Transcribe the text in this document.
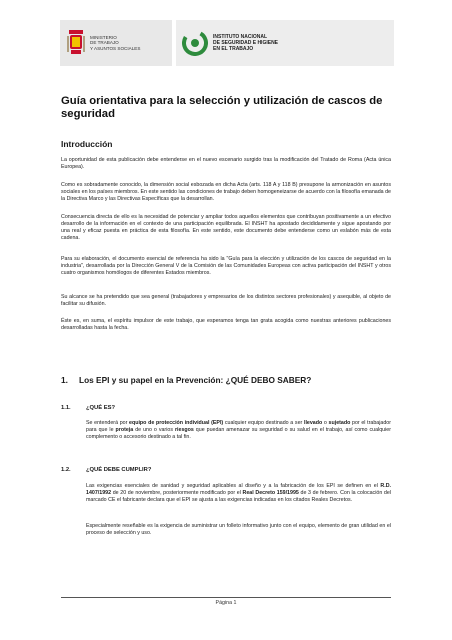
MINISTERIO
DE TRABAJO
Y ASUNTOS SOCIALES
INSTITUTO NACIONAL
DE SEGURIDAD E HIGIENE
EN EL TRABAJO
Guía orientativa para la selección y utilización de cascos de seguridad
Introducción

La oportunidad de esta publicación debe entenderse en el nuevo escenario surgido tras la modificación del Tratado de Roma (Acta única Europea).

Como es sobradamente conocido, la dimensión social esbozada en dicha Acta (arts. 118 A y 118 B) presupone la armonización en asuntos sociales en los países miembros. En este sentido las condiciones de trabajo deben homogeneizarse de acuerdo con la filosofía emanada de la Directiva Marco y las Directivas Específicas que la desarrollan.

Consecuencia directa de ello es la necesidad de potenciar y ampliar todos aquellos elementos que contribuyan positivamente a un efectivo desarrollo de la información en el contexto de una participación equilibrada. El INSHT ha apostado decididamente y sigue apostando por una real y eficaz puesta en práctica de esta filosofía. En este sentido, este documento debe entenderse como un eslabón más de esta cadena.

Para su elaboración, el documento esencial de referencia ha sido la "Guía para la elección y utilización de los cascos de seguridad en la industria", desarrollada por la Dirección General V de la Comisión de las Comunidades Europeas con activa participación del INSHT y otros cuatro organismos homólogos de diferentes Estados miembros.

Su alcance se ha pretendido que sea general (trabajadores y empresarios de los distintos sectores profesionales) y asequible, al objeto de facilitar su difusión.

Éste es, en suma, el espíritu impulsor de este trabajo, que esperamos tenga tan grata acogida como nuestras anteriores publicaciones desarrolladas hasta la fecha.

1. Los EPI y su papel en la Prevención: ¿QUÉ DEBO SABER?
1.1.	¿QUÉ ES?

Se entenderá por equipo de protección individual (EPI) cualquier equipo destinado a ser llevado o sujetado por el trabajador para que le proteja de uno o varios riesgos que puedan amenazar su seguridad o su salud en el trabajo, así como cualquier complemento o accesorio destinado a tal fin.

1.2.	¿QUÉ DEBE CUMPLIR?

Las exigencias esenciales de sanidad y seguridad aplicables al diseño y a la fabricación de los EPI se definen en el R.D. 1407/1992 de 20 de noviembre, posteriormente modificado por el Real Decreto 159/1995 de 3 de febrero. Con la colocación del marcado CE el fabricante declara que el EPI se ajusta a las exigencias indicadas en los citados Reales Decretos.

Especialmente reseñable es la exigencia de suministrar un folleto informativo junto con el equipo, elemento de gran utilidad en el proceso de selección y uso.

Página 1
